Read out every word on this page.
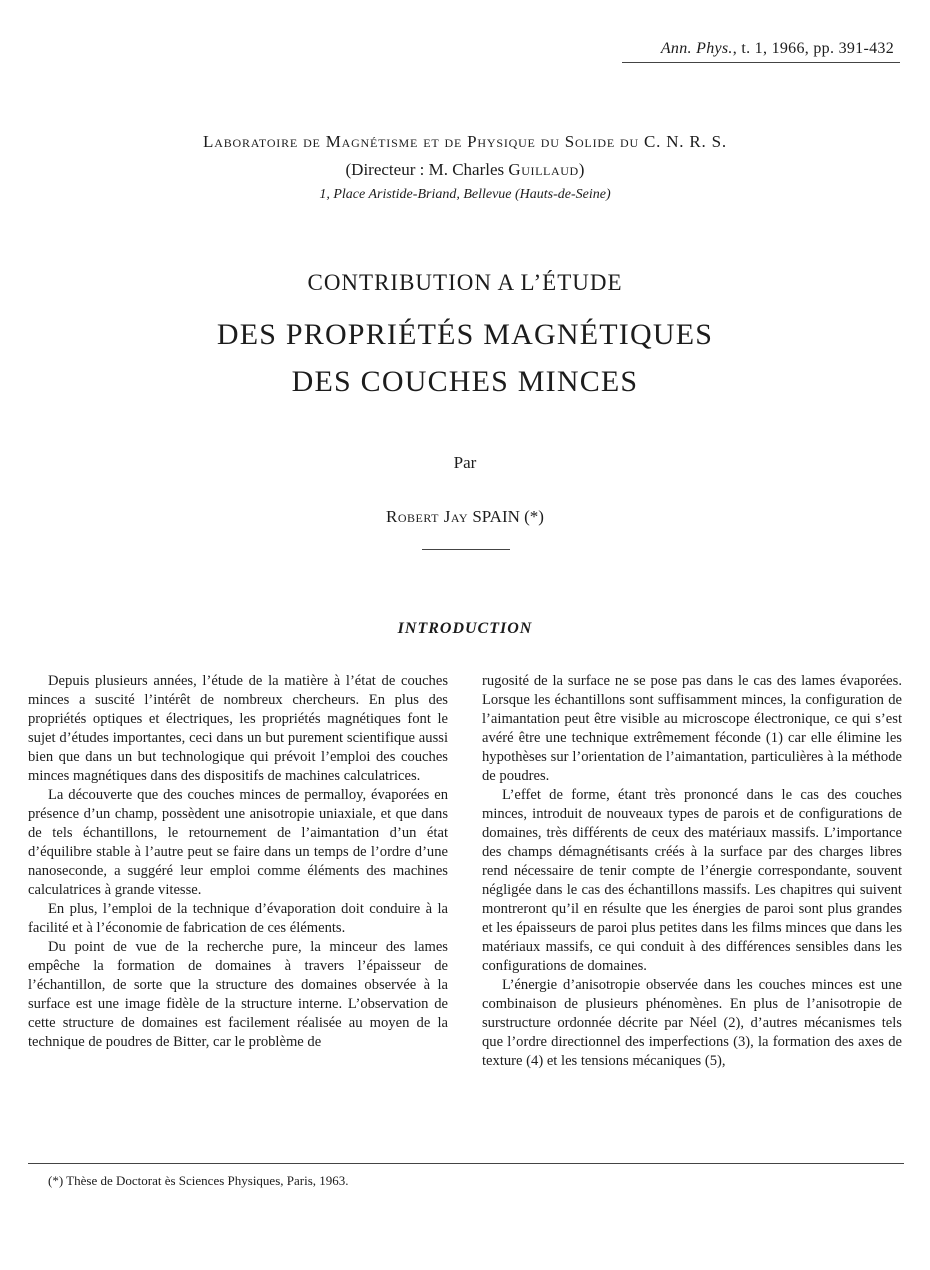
Ann. Phys., t. 1, 1966, pp. 391-432
Laboratoire de Magnétisme et de Physique du Solide du C. N. R. S.
(Directeur : M. Charles Guillaud)
1, Place Aristide-Briand, Bellevue (Hauts-de-Seine)
CONTRIBUTION A L’ÉTUDE
DES PROPRIÉTÉS MAGNÉTIQUES
DES COUCHES MINCES
Par
Robert Jay SPAIN (*)
INTRODUCTION

Depuis plusieurs années, l’étude de la matière à l’état de couches minces a suscité l’intérêt de nombreux chercheurs. En plus des propriétés optiques et électriques, les propriétés magnétiques font le sujet d’études importantes, ceci dans un but purement scientifique aussi bien que dans un but technologique qui prévoit l’emploi des couches minces magnétiques dans des dispositifs de machines calculatrices.

La découverte que des couches minces de permalloy, évaporées en présence d’un champ, possèdent une anisotropie uniaxiale, et que dans de tels échantillons, le retournement de l’aimantation d’un état d’équilibre stable à l’autre peut se faire dans un temps de l’ordre d’une nanoseconde, a suggéré leur emploi comme éléments des machines calculatrices à grande vitesse.

En plus, l’emploi de la technique d’évaporation doit conduire à la facilité et à l’économie de fabrication de ces éléments.

Du point de vue de la recherche pure, la minceur des lames empêche la formation de domaines à travers l’épaisseur de l’échantillon, de sorte que la structure des domaines observée à la surface est une image fidèle de la structure interne. L’observation de cette structure de domaines est facilement réalisée au moyen de la technique de poudres de Bitter, car le problème de

rugosité de la surface ne se pose pas dans le cas des lames évaporées. Lorsque les échantillons sont suffisamment minces, la configuration de l’aimantation peut être visible au microscope électronique, ce qui s’est avéré être une technique extrêmement féconde (1) car elle élimine les hypothèses sur l’orientation de l’aimantation, particulières à la méthode de poudres.

L’effet de forme, étant très prononcé dans le cas des couches minces, introduit de nouveaux types de parois et de configurations de domaines, très différents de ceux des matériaux massifs. L’importance des champs démagnétisants créés à la surface par des charges libres rend nécessaire de tenir compte de l’énergie correspondante, souvent négligée dans le cas des échantillons massifs. Les chapitres qui suivent montreront qu’il en résulte que les énergies de paroi sont plus grandes et les épaisseurs de paroi plus petites dans les films minces que dans les matériaux massifs, ce qui conduit à des différences sensibles dans les configurations de domaines.

L’énergie d’anisotropie observée dans les couches minces est une combinaison de plusieurs phénomènes. En plus de l’anisotropie de surstructure ordonnée décrite par Néel (2), d’autres mécanismes tels que l’ordre directionnel des imperfections (3), la formation des axes de texture (4) et les tensions mécaniques (5),

(*) Thèse de Doctorat ès Sciences Physiques, Paris, 1963.
